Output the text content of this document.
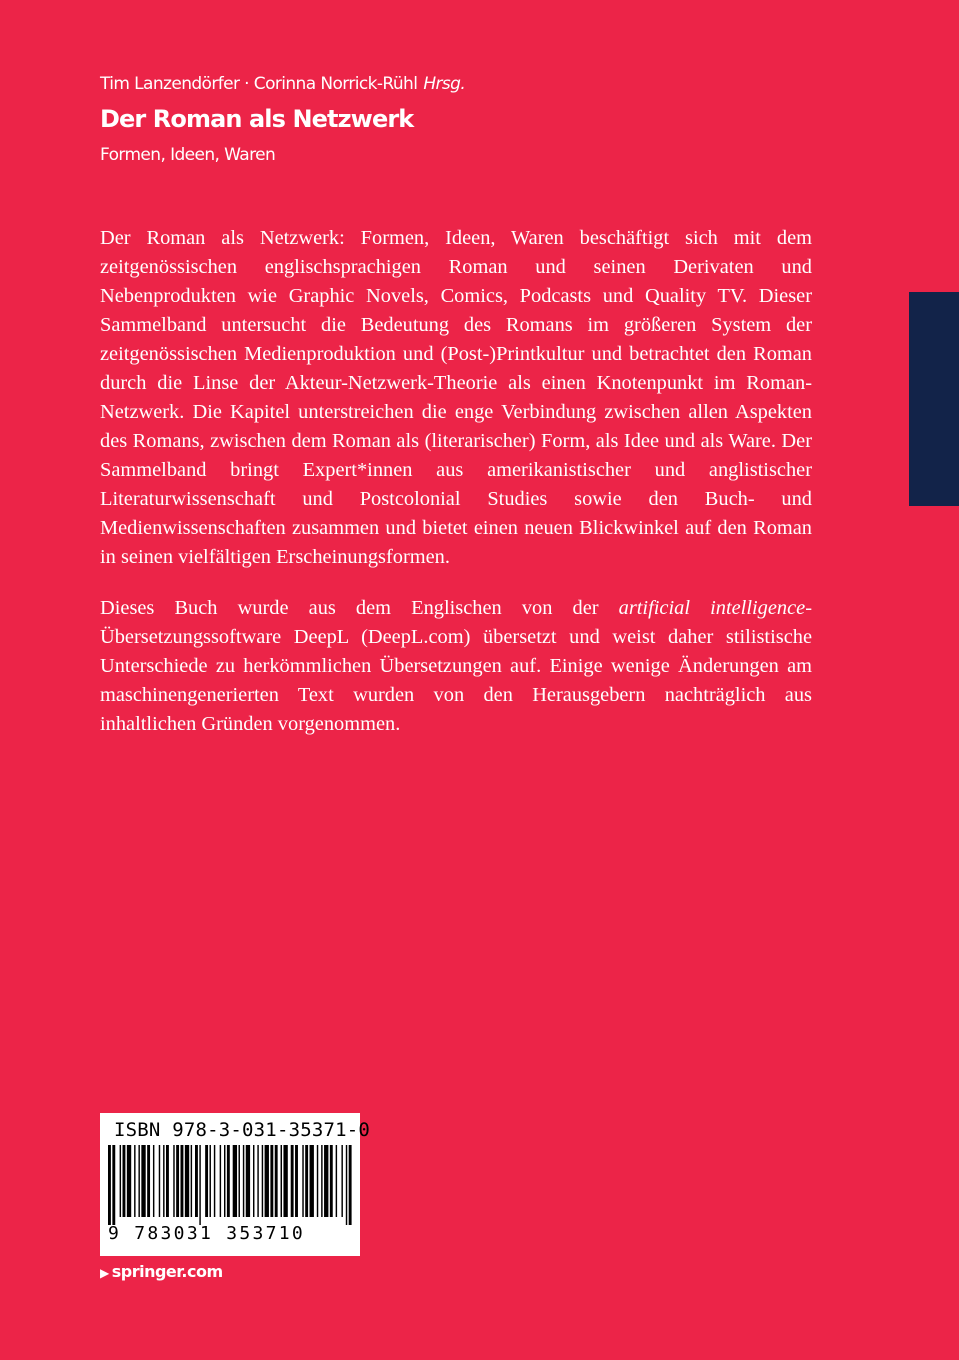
Tim Lanzendörfer · Corinna Norrick-Rühl Hrsg.
Der Roman als Netzwerk
Formen, Ideen, Waren

Der Roman als Netzwerk: Formen, Ideen, Waren beschäftigt sich mit dem zeitgenössischen englischsprachigen Roman und seinen Derivaten und Nebenprodukten wie Graphic Novels, Comics, Podcasts und Quality TV. Dieser Sammelband untersucht die Bedeutung des Romans im größeren System der zeitgenössischen Medienproduktion und (Post-)Printkultur und betrachtet den Roman durch die Linse der Akteur-Netzwerk-Theorie als einen Knotenpunkt im Roman-Netzwerk. Die Kapitel unterstreichen die enge Verbindung zwischen allen Aspekten des Romans, zwischen dem Roman als (literarischer) Form, als Idee und als Ware. Der Sammelband bringt Expert*innen aus amerikanistischer und anglistischer Literaturwissenschaft und Postcolonial Studies sowie den Buch- und Medienwissenschaften zusammen und bietet einen neuen Blickwinkel auf den Roman in seinen vielfältigen Erscheinungsformen.

Dieses Buch wurde aus dem Englischen von der artificial intelligence-Übersetzungssoftware DeepL (DeepL.com) übersetzt und weist daher stilistische Unterschiede zu herkömmlichen Übersetzungen auf. Einige wenige Änderungen am maschinengenerierten Text wurden von den Herausgebern nachträglich aus inhaltlichen Gründen vorgenommen.

ISBN 978-3-031-35371-0
9 783031 353710
▶ springer.com
